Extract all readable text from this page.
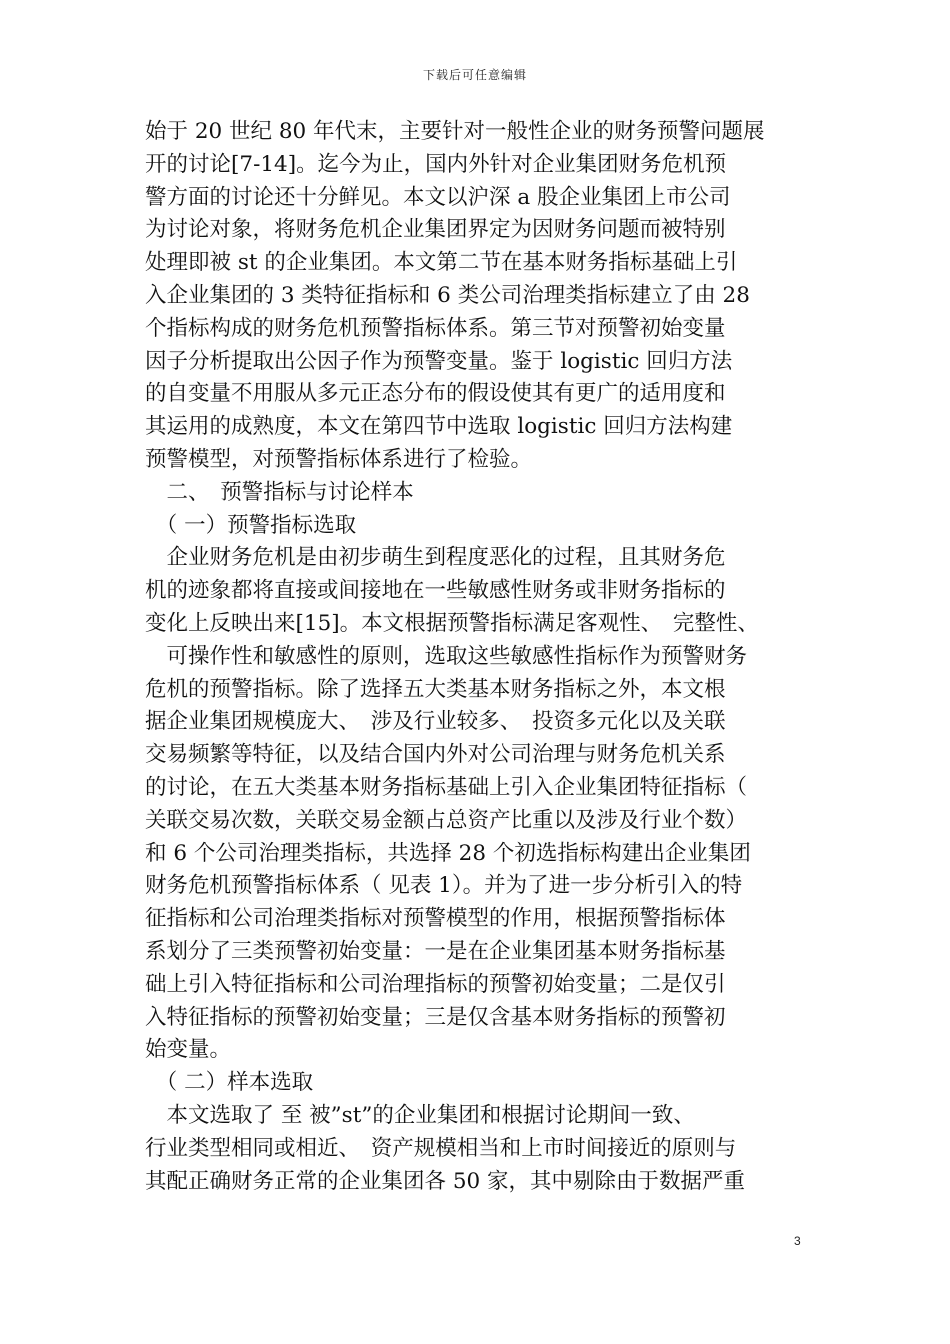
下载后可任意编辑
始于 20 世纪 80 年代末，主要针对一般性企业的财务预警问题展
开的讨论[7-14]。迄今为止，国内外针对企业集团财务危机预
警方面的讨论还十分鲜见。本文以沪深 a 股企业集团上市公司
为讨论对象，将财务危机企业集团界定为因财务问题而被特别
处理即被 st 的企业集团。本文第二节在基本财务指标基础上引
入企业集团的 3 类特征指标和 6 类公司治理类指标建立了由 28
个指标构成的财务危机预警指标体系。第三节对预警初始变量
因子分析提取出公因子作为预警变量。鉴于 logistic 回归方法
的自变量不用服从多元正态分布的假设使其有更广的适用度和
其运用的成熟度，本文在第四节中选取 logistic 回归方法构建
预警模型，对预警指标体系进行了检验。
　二、　预警指标与讨论样本
　（ 一）预警指标选取
　企业财务危机是由初步萌生到程度恶化的过程，且其财务危
机的迹象都将直接或间接地在一些敏感性财务或非财务指标的
变化上反映出来[15]。本文根据预警指标满足客观性、　完整性、
　可操作性和敏感性的原则，选取这些敏感性指标作为预警财务
危机的预警指标。除了选择五大类基本财务指标之外，本文根
据企业集团规模庞大、　涉及行业较多、　投资多元化以及关联
交易频繁等特征，以及结合国内外对公司治理与财务危机关系
的讨论，在五大类基本财务指标基础上引入企业集团特征指标（
关联交易次数，关联交易金额占总资产比重以及涉及行业个数）
和 6 个公司治理类指标，共选择 28 个初选指标构建出企业集团
财务危机预警指标体系（ 见表 1）。并为了进一步分析引入的特
征指标和公司治理类指标对预警模型的作用，根据预警指标体
系划分了三类预警初始变量：一是在企业集团基本财务指标基
础上引入特征指标和公司治理指标的预警初始变量；二是仅引
入特征指标的预警初始变量；三是仅含基本财务指标的预警初
始变量。
　（ 二）样本选取
　本文选取了 至 被”st”的企业集团和根据讨论期间一致、
行业类型相同或相近、　资产规模相当和上市时间接近的原则与
其配正确财务正常的企业集团各 50 家，其中剔除由于数据严重
3
